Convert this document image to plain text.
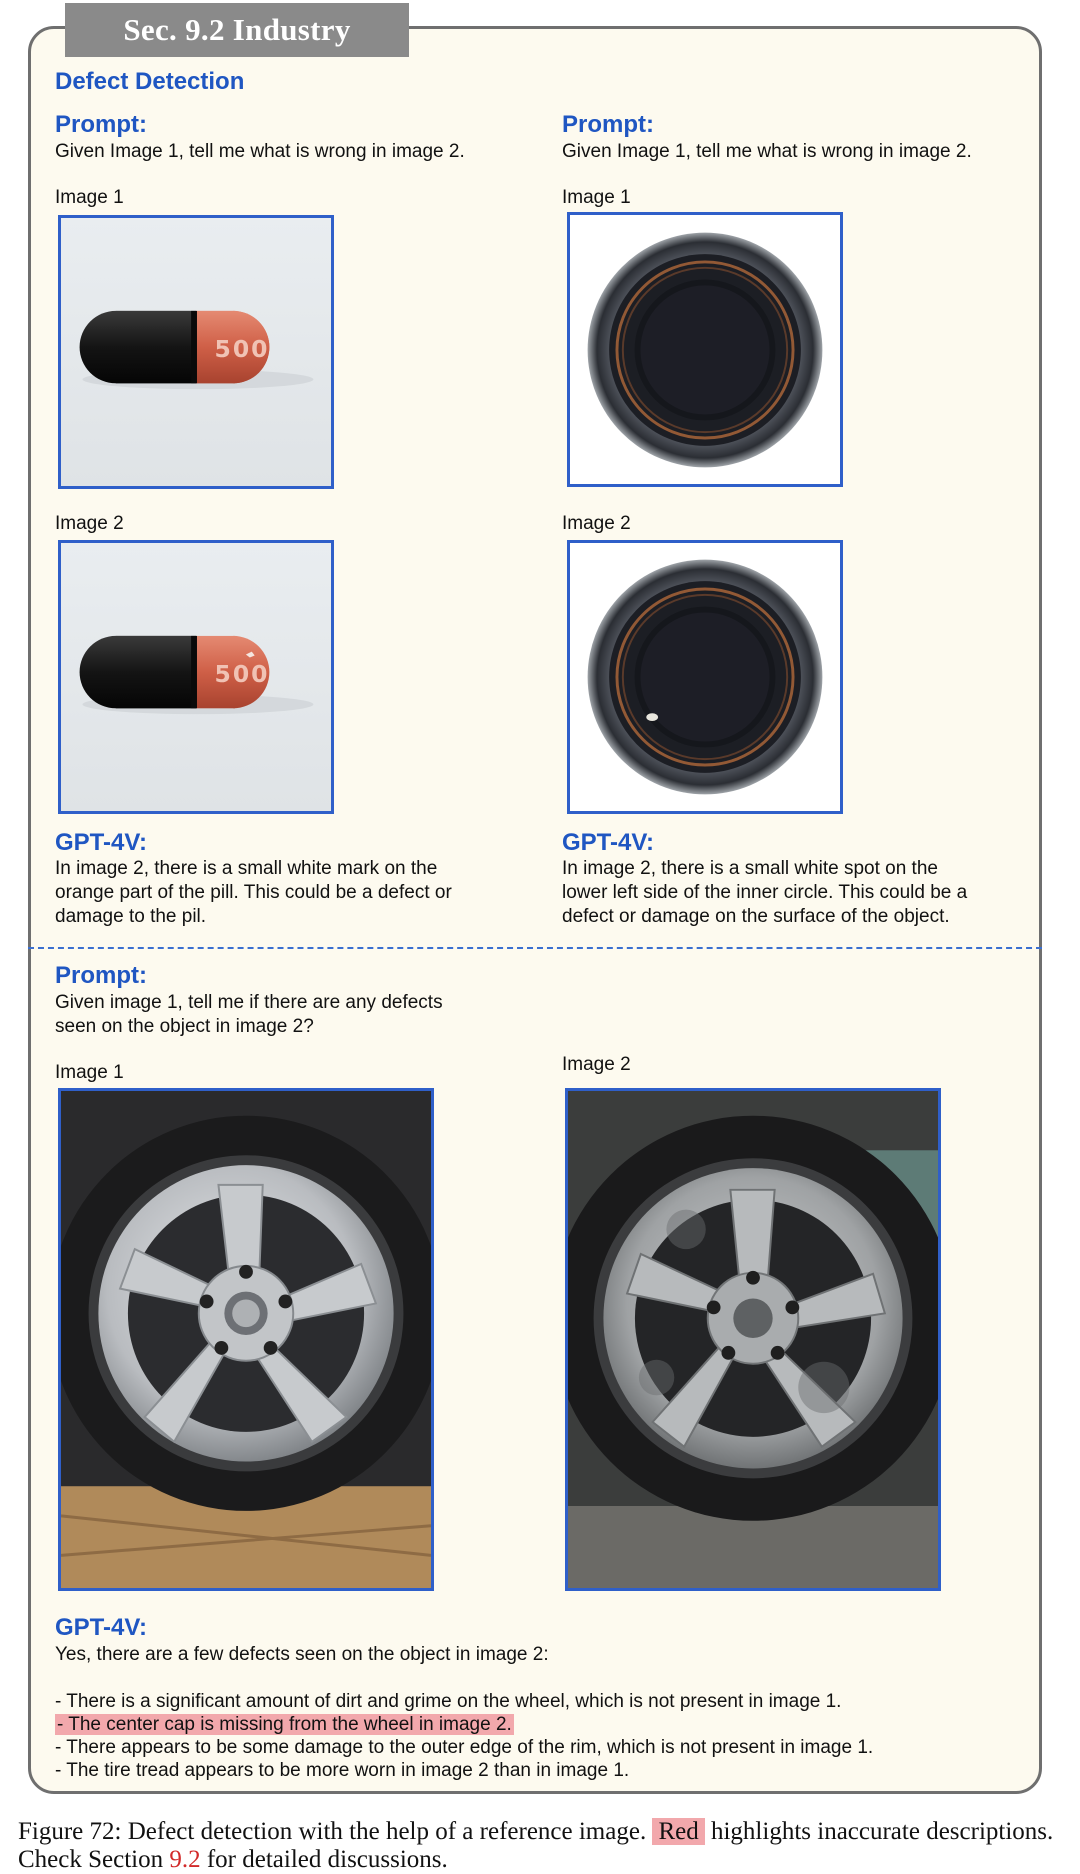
Sec. 9.2 Industry
Defect Detection
Prompt:
Given Image 1, tell me what is wrong in image 2.
Image 1
500
Image 2
500
GPT-4V:
In image 2, there is a small white mark on the
orange part of the pill. This could be a defect or
damage to the pil.
Prompt:
Given Image 1, tell me what is wrong in image 2.
Image 1
Image 2
GPT-4V:
In image 2, there is a small white spot on the
lower left side of the inner circle. This could be a
defect or damage on the surface of the object.
Prompt:
Given image 1, tell me if there are any defects
seen on the object in image 2?
Image 1	Image 2
GPT-4V:
Yes, there are a few defects seen on the object in image 2:
- There is a significant amount of dirt and grime on the wheel, which is not present in image 1.
- The center cap is missing from the wheel in image 2.
- There appears to be some damage to the outer edge of the rim, which is not present in image 1.
- The tire tread appears to be more worn in image 2 than in image 1.
Figure 72: Defect detection with the help of a reference image. Red highlights inaccurate descriptions.
Check Section 9.2 for detailed discussions.
